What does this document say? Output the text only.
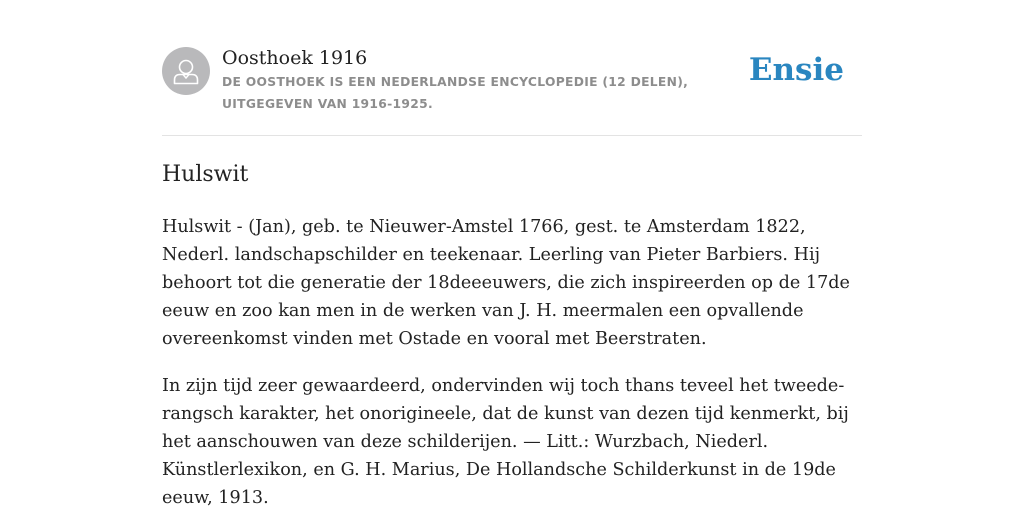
Oosthoek 1916
DE OOSTHOEK IS EEN NEDERLANDSE ENCYCLOPEDIE (12 DELEN), UITGEGEVEN VAN 1916-1925.
Ensie
Hulswit

Hulswit - (Jan), geb. te Nieuwer-Amstel 1766, gest. te Amsterdam 1822, Nederl. landschapschilder en teekenaar. Leerling van Pieter Barbiers. Hij behoort tot die generatie der 18deeeuwers, die zich inspireerden op de 17de eeuw en zoo kan men in de werken van J. H. meermalen een opvallende overeenkomst vinden met Ostade en vooral met Beerstraten.

In zijn tijd zeer gewaardeerd, ondervinden wij toch thans teveel het tweede-rangsch karakter, het onorigineele, dat de kunst van dezen tijd kenmerkt, bij het aanschouwen van deze schilderijen. — Litt.: Wurzbach, Niederl. Künstlerlexikon, en G. H. Marius, De Hollandsche Schilderkunst in de 19de eeuw, 1913.
